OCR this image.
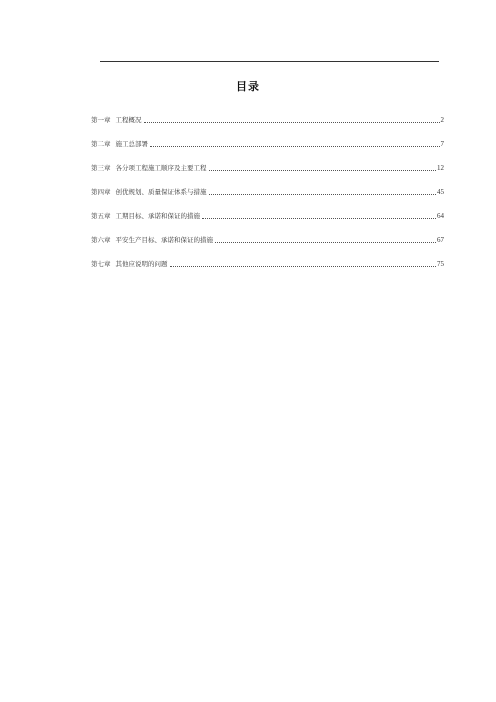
目录
第一章 工程概况	2
第二章 施工总部署	7
第三章 各分项工程施工顺序及主要工程	12
第四章 创优规划、质量保证体系与措施	45
第五章 工期目标、承诺和保证的措施	64
第六章 平安生产目标、承诺和保证的措施	67
第七章 其他应说明的问题	75
